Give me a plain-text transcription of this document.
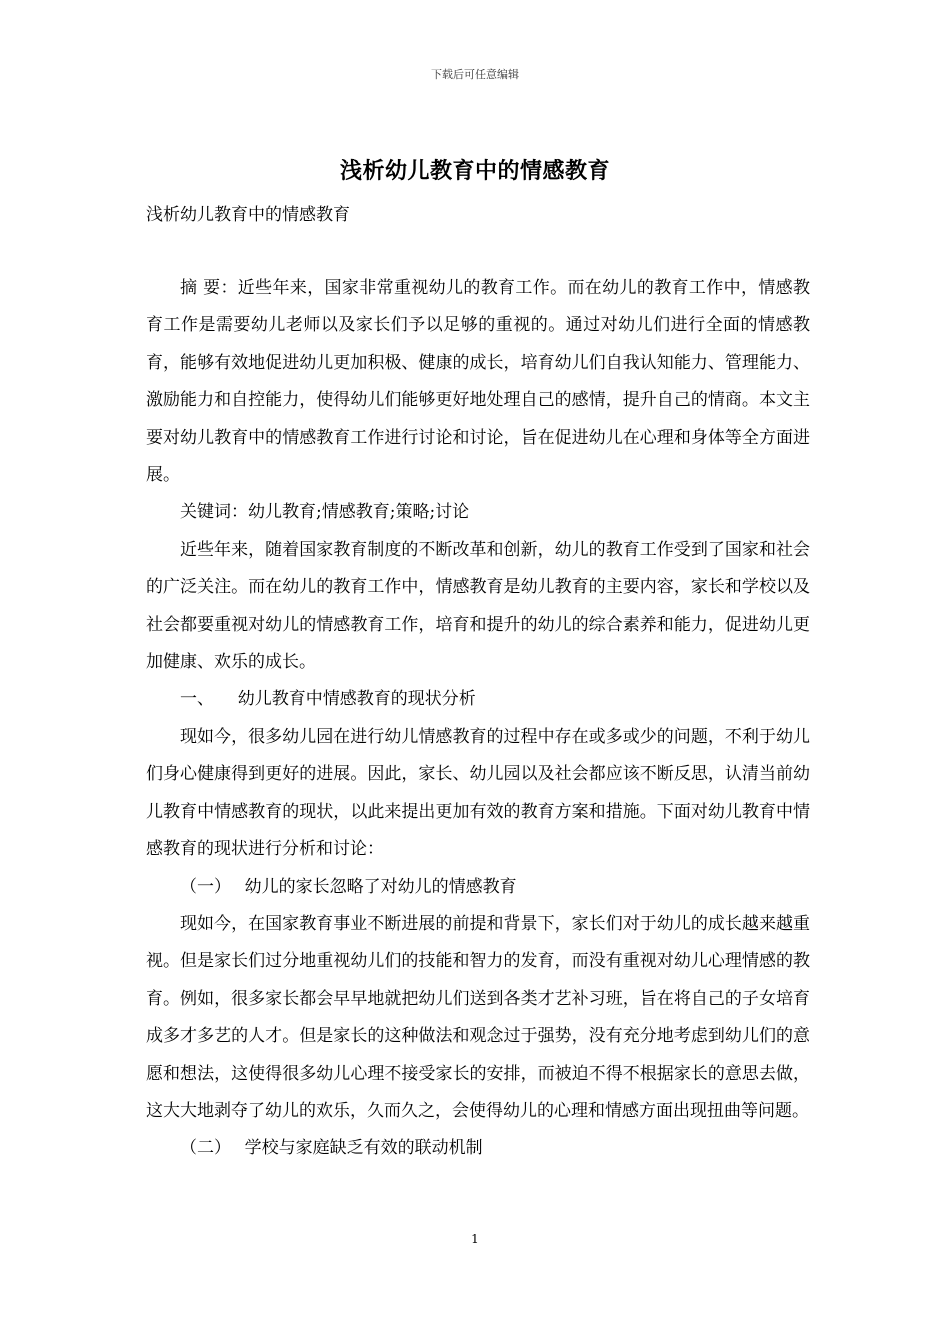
下载后可任意编辑
浅析幼儿教育中的情感教育
浅析幼儿教育中的情感教育

摘 要：近些年来，国家非常重视幼儿的教育工作。而在幼儿的教育工作中，情感教育工作是需要幼儿老师以及家长们予以足够的重视的。通过对幼儿们进行全面的情感教育，能够有效地促进幼儿更加积极、健康的成长，培育幼儿们自我认知能力、管理能力、激励能力和自控能力，使得幼儿们能够更好地处理自己的感情，提升自己的情商。本文主要对幼儿教育中的情感教育工作进行讨论和讨论，旨在促进幼儿在心理和身体等全方面进展。

关键词：幼儿教育;情感教育;策略;讨论

近些年来，随着国家教育制度的不断改革和创新，幼儿的教育工作受到了国家和社会的广泛关注。而在幼儿的教育工作中，情感教育是幼儿教育的主要内容，家长和学校以及社会都要重视对幼儿的情感教育工作，培育和提升的幼儿的综合素养和能力，促进幼儿更加健康、欢乐的成长。

一、 幼儿教育中情感教育的现状分析

现如今，很多幼儿园在进行幼儿情感教育的过程中存在或多或少的问题，不利于幼儿们身心健康得到更好的进展。因此，家长、幼儿园以及社会都应该不断反思，认清当前幼儿教育中情感教育的现状，以此来提出更加有效的教育方案和措施。下面对幼儿教育中情感教育的现状进行分析和讨论：

（一） 幼儿的家长忽略了对幼儿的情感教育

现如今，在国家教育事业不断进展的前提和背景下，家长们对于幼儿的成长越来越重视。但是家长们过分地重视幼儿们的技能和智力的发育，而没有重视对幼儿心理情感的教育。例如，很多家长都会早早地就把幼儿们送到各类才艺补习班，旨在将自己的子女培育成多才多艺的人才。但是家长的这种做法和观念过于强势，没有充分地考虑到幼儿们的意愿和想法，这使得很多幼儿心理不接受家长的安排，而被迫不得不根据家长的意思去做，这大大地剥夺了幼儿的欢乐，久而久之，会使得幼儿的心理和情感方面出现扭曲等问题。

（二） 学校与家庭缺乏有效的联动机制

1
